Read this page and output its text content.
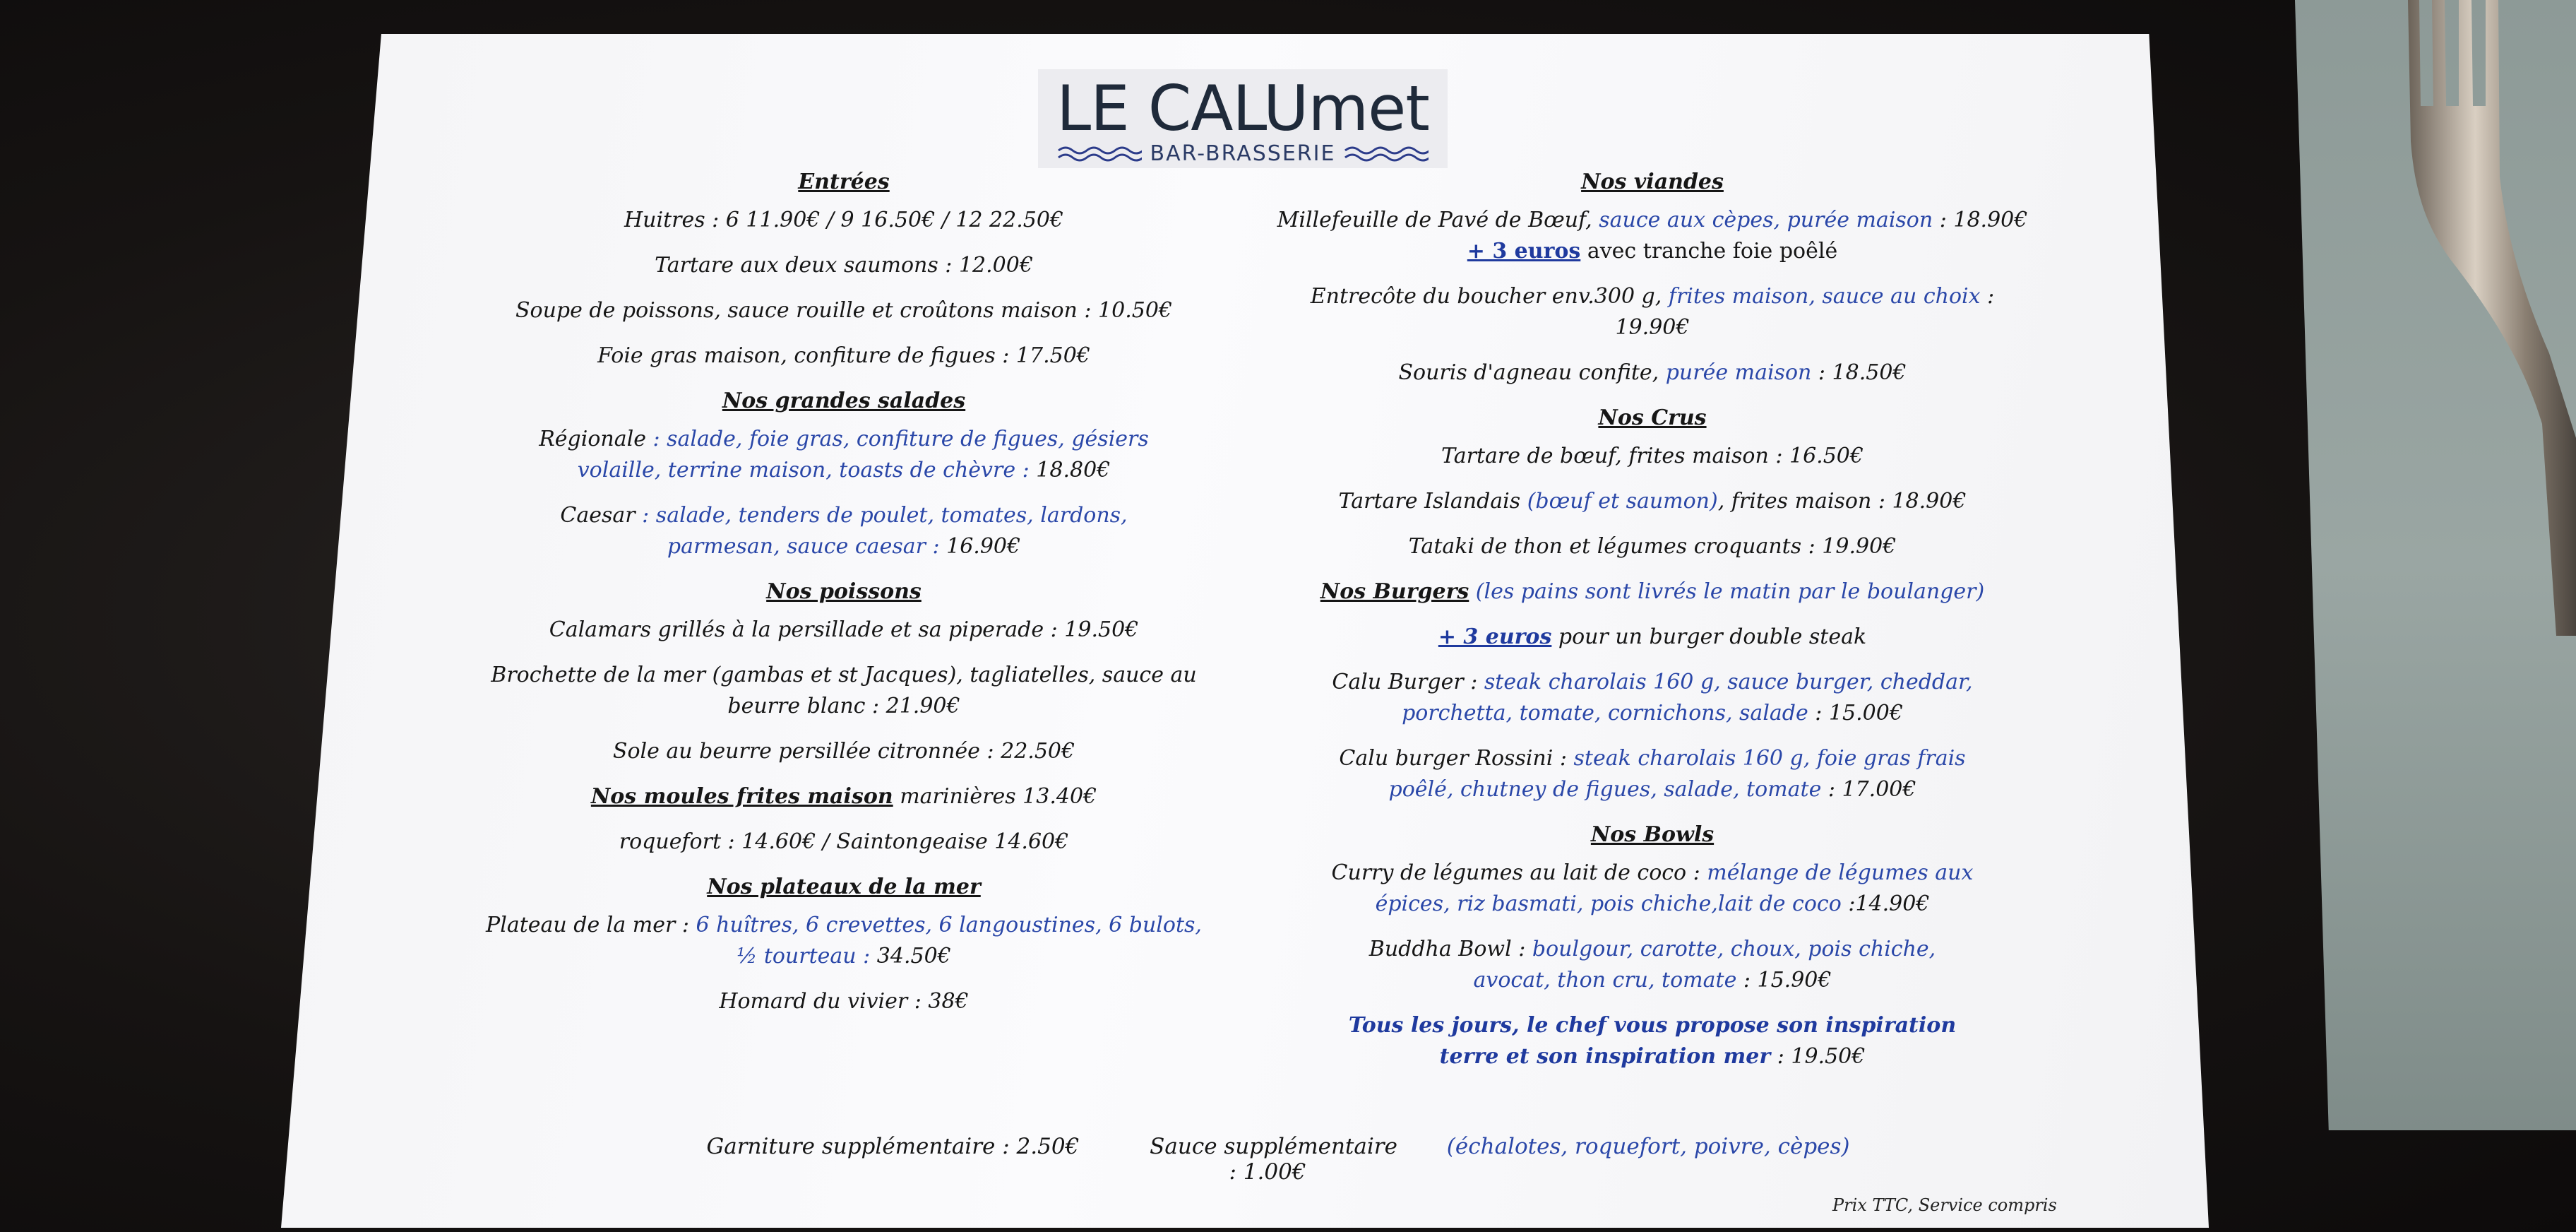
LE CALUmet
BAR-BRASSERIE
Entrées
Huitres : 6 11.90€ / 9 16.50€ / 12 22.50€
Tartare aux deux saumons : 12.00€
Soupe de poissons, sauce rouille et croûtons maison : 10.50€
Foie gras maison, confiture de figues : 17.50€
Nos grandes salades
Régionale : salade, foie gras, confiture de figues, gésiers volaille, terrine maison, toasts de chèvre : 18.80€
Caesar : salade, tenders de poulet, tomates, lardons, parmesan, sauce caesar : 16.90€
Nos poissons
Calamars grillés à la persillade et sa piperade : 19.50€
Brochette de la mer (gambas et st Jacques), tagliatelles, sauce au beurre blanc : 21.90€
Sole au beurre persillée citronnée : 22.50€
Nos moules frites maison marinières 13.40€
roquefort : 14.60€ / Saintongeaise 14.60€
Nos plateaux de la mer
Plateau de la mer : 6 huîtres, 6 crevettes, 6 langoustines, 6 bulots, ½ tourteau : 34.50€
Homard du vivier : 38€
Nos viandes
Millefeuille de Pavé de Bœuf, sauce aux cèpes, purée maison : 18.90€
+ 3 euros avec tranche foie poêlé
Entrecôte du boucher env.300 g, frites maison, sauce au choix : 19.90€
Souris d'agneau confite, purée maison : 18.50€
Nos Crus
Tartare de bœuf, frites maison : 16.50€
Tartare Islandais (bœuf et saumon), frites maison : 18.90€
Tataki de thon et légumes croquants : 19.90€
Nos Burgers (les pains sont livrés le matin par le boulanger)
+ 3 euros pour un burger double steak
Calu Burger : steak charolais 160 g, sauce burger, cheddar, porchetta, tomate, cornichons, salade : 15.00€
Calu burger Rossini : steak charolais 160 g, foie gras frais poêlé, chutney de figues, salade, tomate : 17.00€
Nos Bowls
Curry de légumes au lait de coco : mélange de légumes aux épices, riz basmati, pois chiche,lait de coco :14.90€
Buddha Bowl : boulgour, carotte, choux, pois chiche, avocat, thon cru, tomate : 15.90€
Tous les jours, le chef vous propose son inspiration terre et son inspiration mer : 19.50€
Garniture supplémentaire : 2.50€	Sauce supplémentaire (échalotes, roquefort, poivre, cèpes) : 1.00€
Prix TTC, Service compris
